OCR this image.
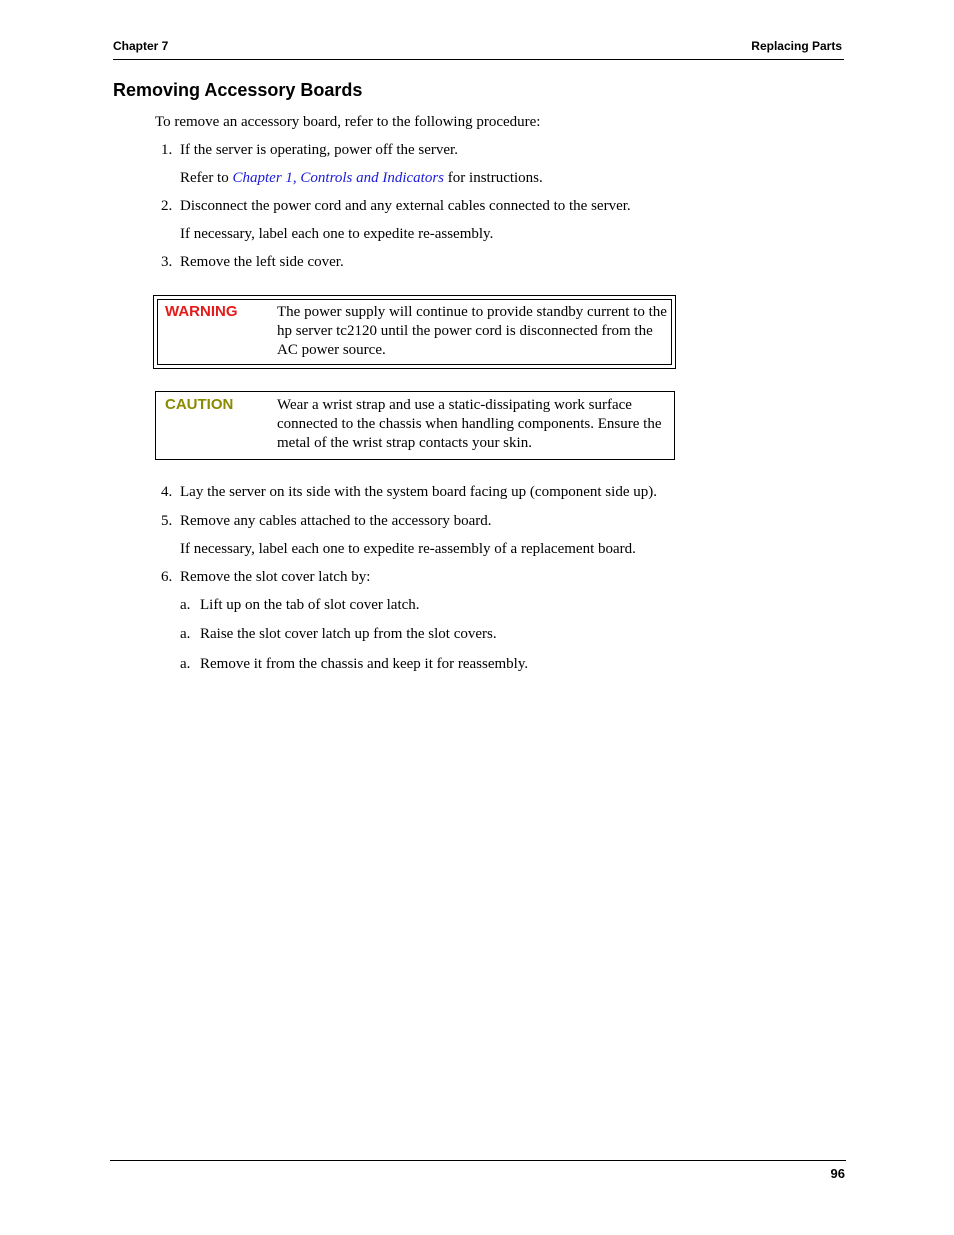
Chapter 7	Replacing Parts
Removing Accessory Boards
To remove an accessory board, refer to the following procedure:
1. If the server is operating, power off the server.
Refer to Chapter 1, Controls and Indicators for instructions.
2. Disconnect the power cord and any external cables connected to the server.
If necessary, label each one to expedite re-assembly.
3. Remove the left side cover.
WARNING	The power supply will continue to provide standby current to the hp server tc2120 until the power cord is disconnected from the AC power source.
CAUTION	Wear a wrist strap and use a static-dissipating work surface connected to the chassis when handling components. Ensure the metal of the wrist strap contacts your skin.
4. Lay the server on its side with the system board facing up (component side up).
5. Remove any cables attached to the accessory board.
If necessary, label each one to expedite re-assembly of a replacement board.
6. Remove the slot cover latch by:
a. Lift up on the tab of slot cover latch.
a. Raise the slot cover latch up from the slot covers.
a. Remove it from the chassis and keep it for reassembly.
96
